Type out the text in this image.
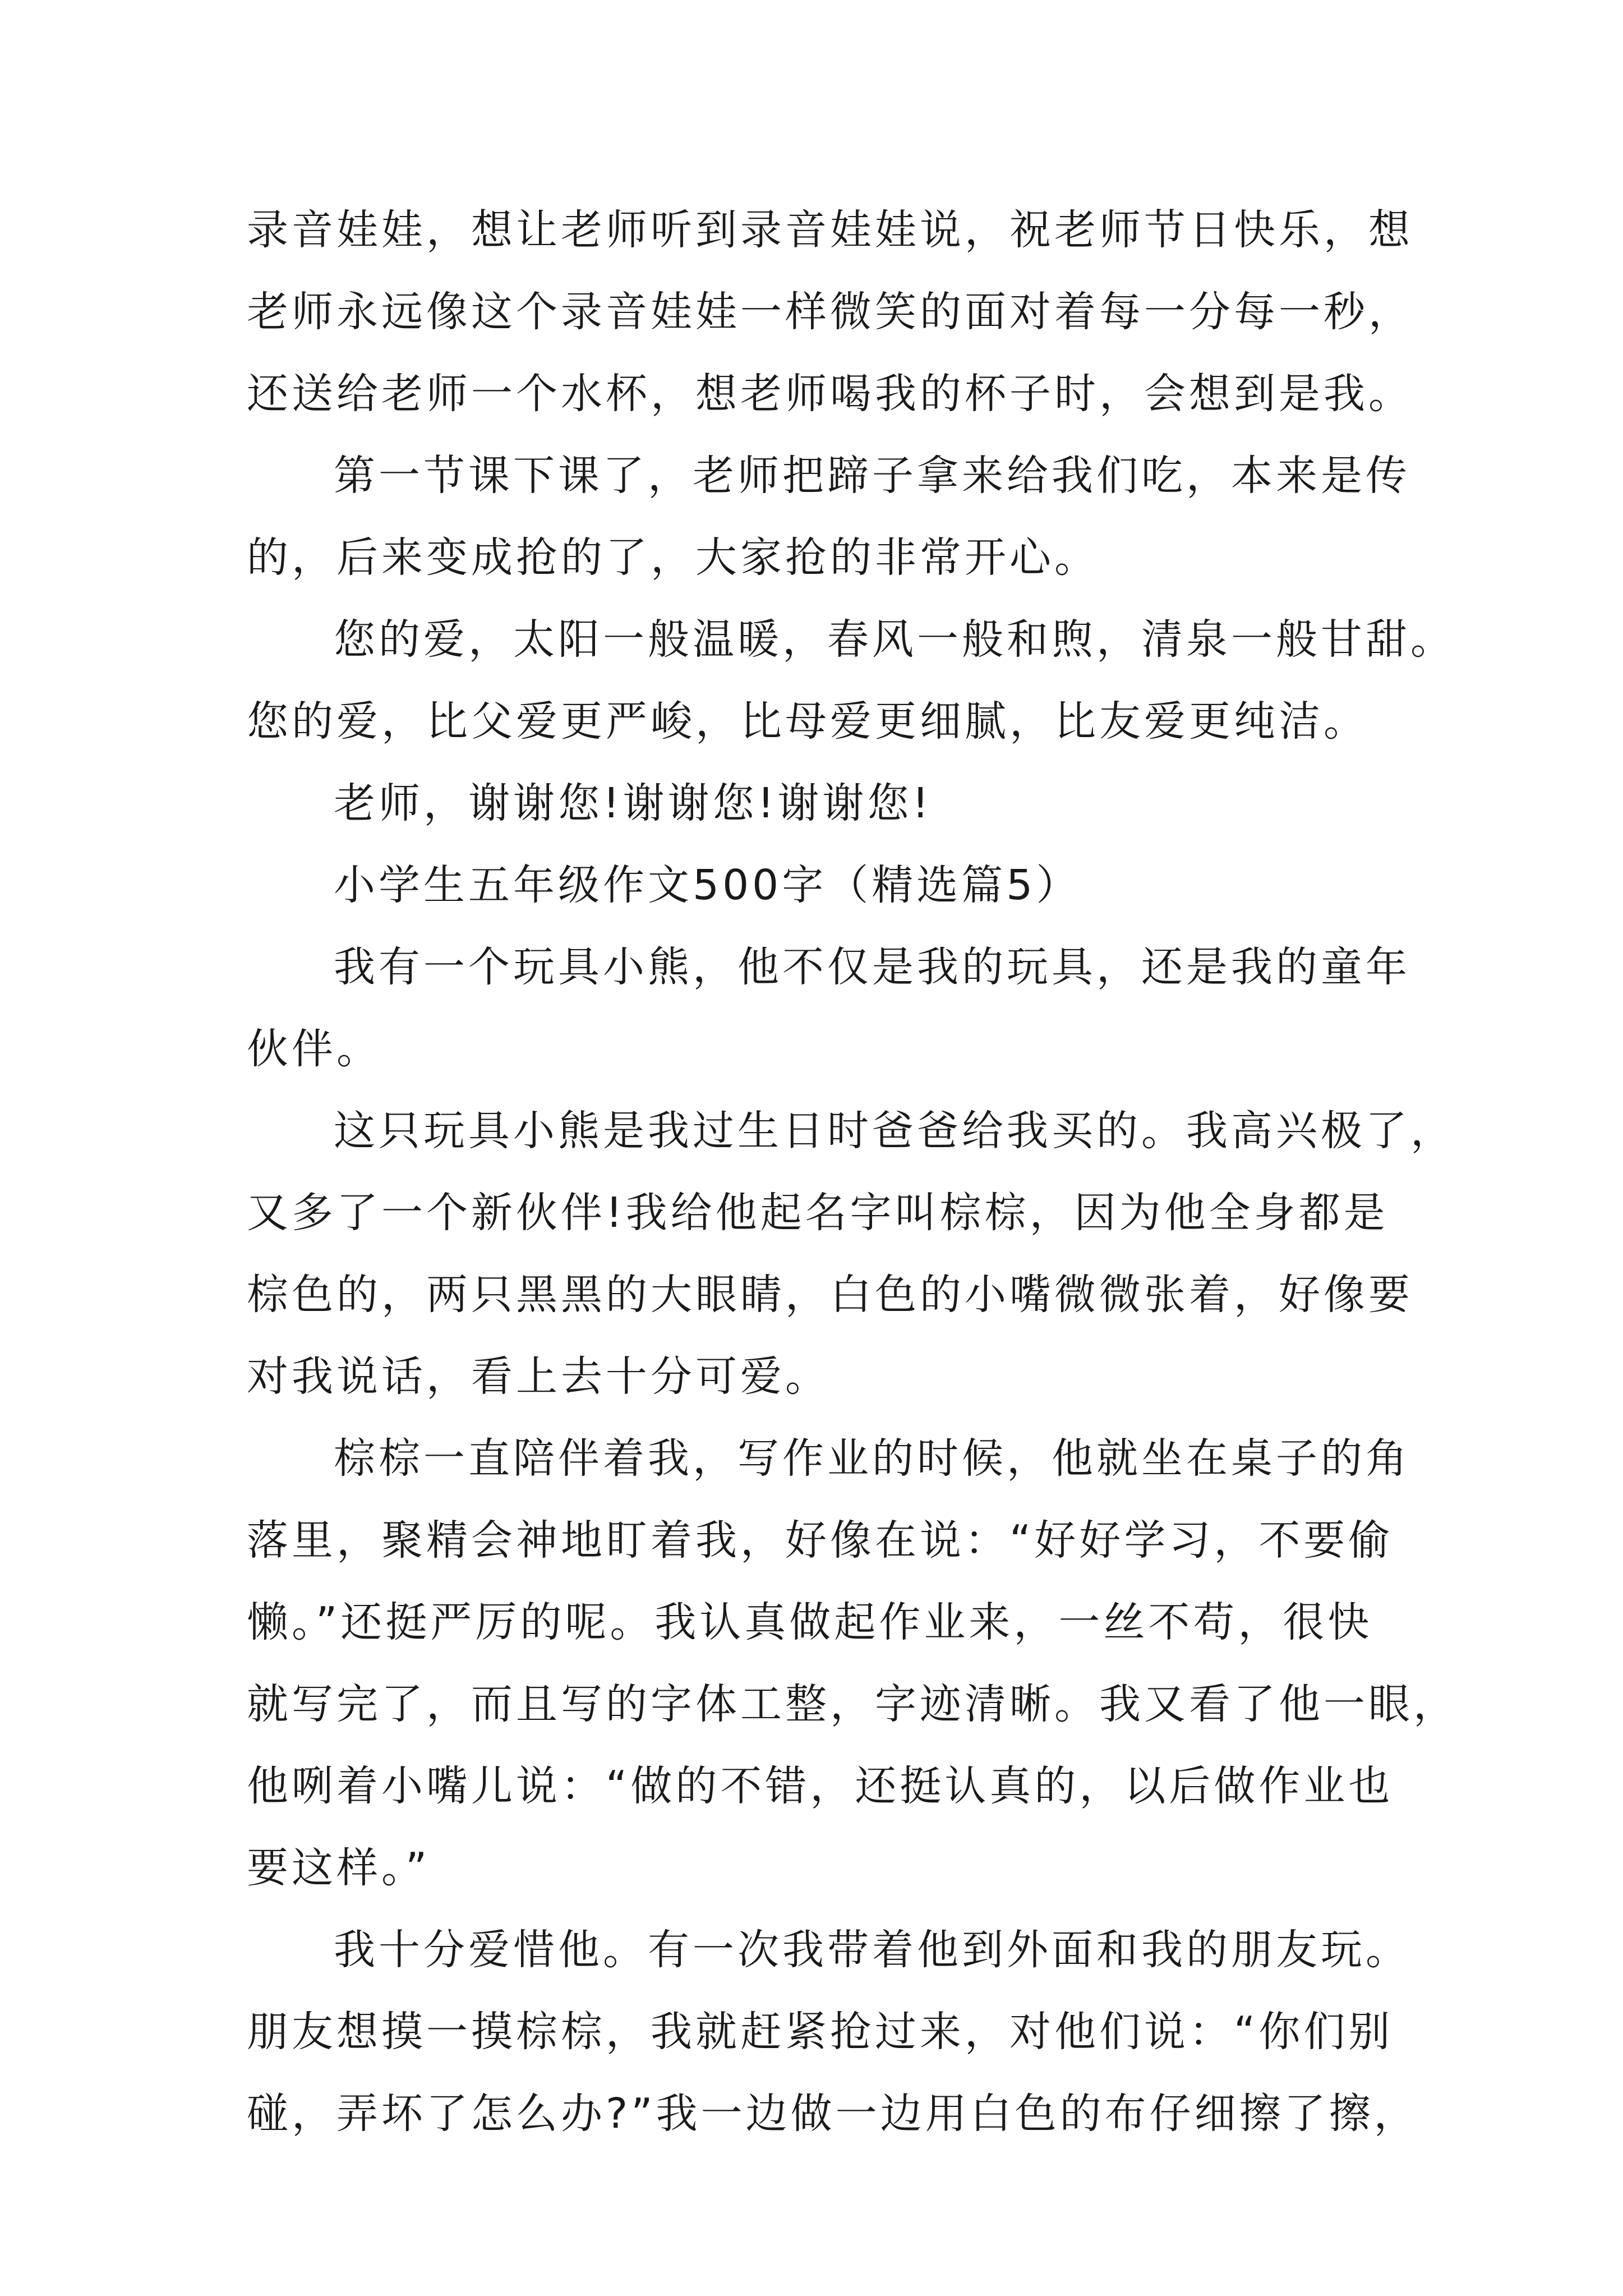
录音娃娃，想让老师听到录音娃娃说，祝老师节日快乐，想
老师永远像这个录音娃娃一样微笑的面对着每一分每一秒，
还送给老师一个水杯，想老师喝我的杯子时，会想到是我。
第一节课下课了，老师把蹄子拿来给我们吃，本来是传
的，后来变成抢的了，大家抢的非常开心。
您的爱，太阳一般温暖，春风一般和煦，清泉一般甘甜。
您的爱，比父爱更严峻，比母爱更细腻，比友爱更纯洁。
老师，谢谢您!谢谢您!谢谢您!
小学生五年级作文500字（精选篇5）
我有一个玩具小熊，他不仅是我的玩具，还是我的童年
伙伴。
这只玩具小熊是我过生日时爸爸给我买的。我高兴极了，
又多了一个新伙伴!我给他起名字叫棕棕，因为他全身都是
棕色的，两只黑黑的大眼睛，白色的小嘴微微张着，好像要
对我说话，看上去十分可爱。
棕棕一直陪伴着我，写作业的时候，他就坐在桌子的角
落里，聚精会神地盯着我，好像在说：“好好学习，不要偷
懒。”还挺严厉的呢。我认真做起作业来，一丝不苟，很快
就写完了，而且写的字体工整，字迹清晰。我又看了他一眼，
他咧着小嘴儿说：“做的不错，还挺认真的，以后做作业也
要这样。”
我十分爱惜他。有一次我带着他到外面和我的朋友玩。
朋友想摸一摸棕棕，我就赶紧抢过来，对他们说：“你们别
碰，弄坏了怎么办?”我一边做一边用白色的布仔细擦了擦，
